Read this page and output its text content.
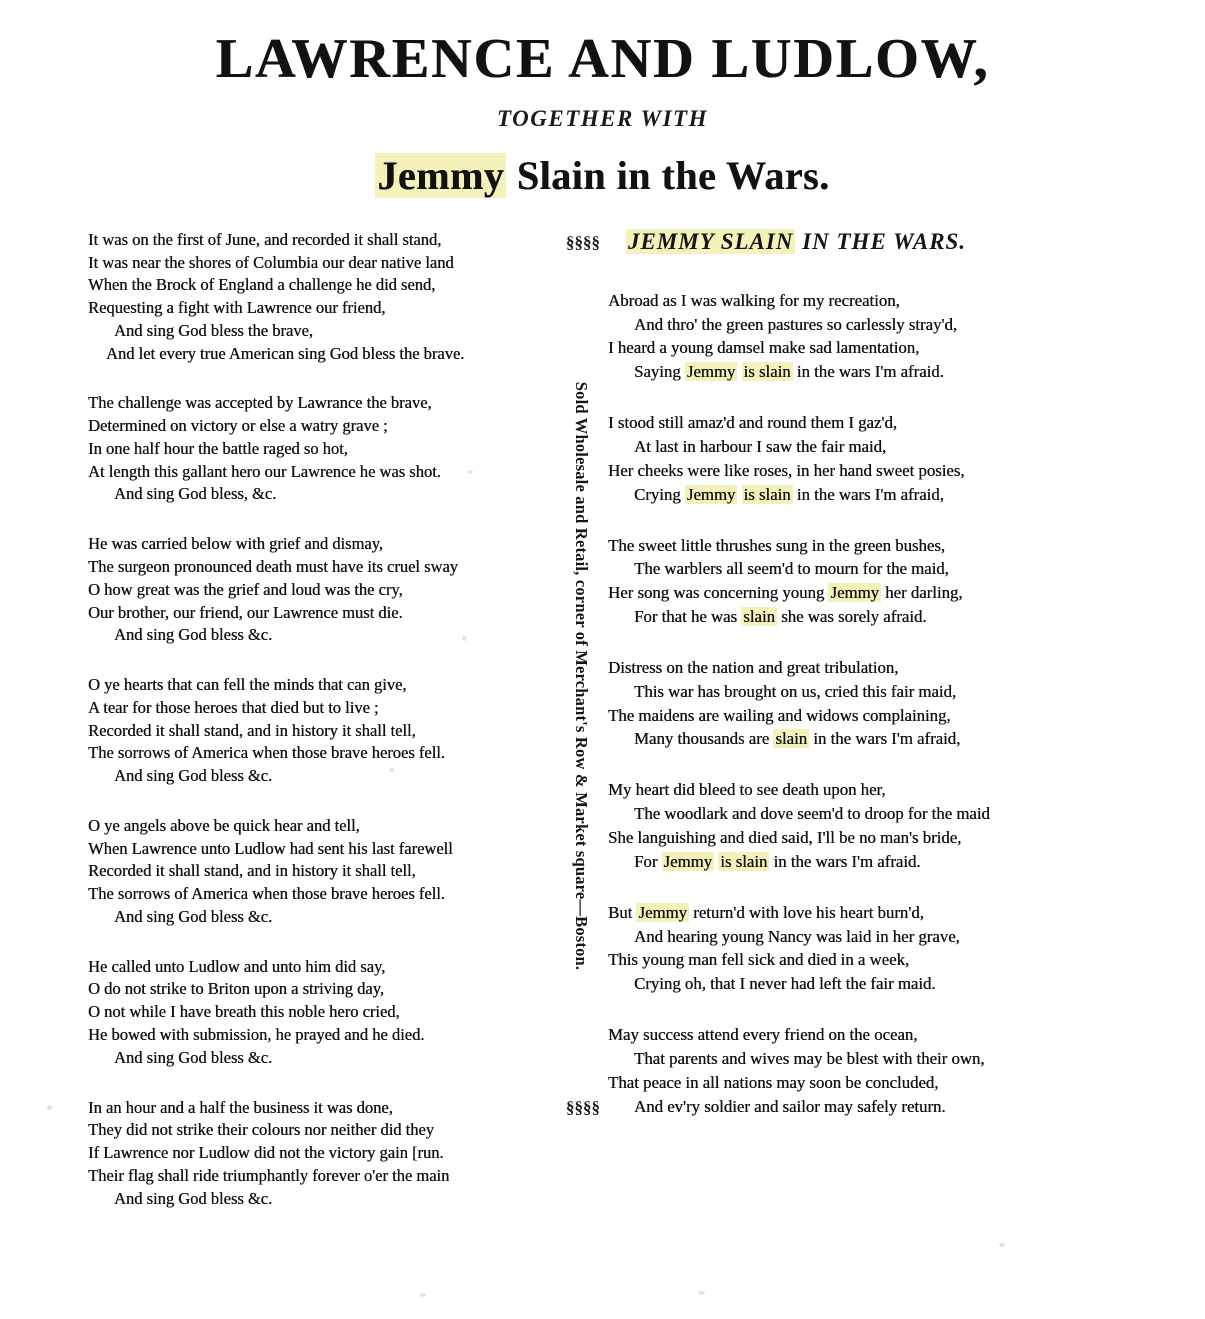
LAWRENCE AND LUDLOW,
TOGETHER WITH
Jemmy Slain in the Wars.
§§§§
Sold Wholesale and Retail, corner of Merchant's Row & Market square—Boston.
§§§§
It was on the first of June, and recorded it shall stand,
It was near the shores of Columbia our dear native land
When the Brock of England a challenge he did send,
Requesting a fight with Lawrence our friend,
And sing God bless the brave,
And let every true American sing God bless the brave.
The challenge was accepted by Lawrance the brave,
Determined on victory or else a watry grave ;
In one half hour the battle raged so hot,
At length this gallant hero our Lawrence he was shot.
And sing God bless, &c.
He was carried below with grief and dismay,
The surgeon pronounced death must have its cruel sway
O how great was the grief and loud was the cry,
Our brother, our friend, our Lawrence must die.
And sing God bless &c.
O ye hearts that can fell the minds that can give,
A tear for those heroes that died but to live ;
Recorded it shall stand, and in history it shall tell,
The sorrows of America when those brave heroes fell.
And sing God bless &c.
O ye angels above be quick hear and tell,
When Lawrence unto Ludlow had sent his last farewell
Recorded it shall stand, and in history it shall tell,
The sorrows of America when those brave heroes fell.
And sing God bless &c.
He called unto Ludlow and unto him did say,
O do not strike to Briton upon a striving day,
O not while I have breath this noble hero cried,
He bowed with submission, he prayed and he died.
And sing God bless &c.
In an hour and a half the business it was done,
They did not strike their colours nor neither did they
If Lawrence nor Ludlow did not the victory gain [run.
Their flag shall ride triumphantly forever o'er the main
And sing God bless &c.
JEMMY SLAIN IN THE WARS.
Abroad as I was walking for my recreation,
And thro' the green pastures so carlessly stray'd,
I heard a young damsel make sad lamentation,
Saying Jemmy is slain in the wars I'm afraid.
I stood still amaz'd and round them I gaz'd,
At last in harbour I saw the fair maid,
Her cheeks were like roses, in her hand sweet posies,
Crying Jemmy is slain in the wars I'm afraid,
The sweet little thrushes sung in the green bushes,
The warblers all seem'd to mourn for the maid,
Her song was concerning young Jemmy her darling,
For that he was slain she was sorely afraid.
Distress on the nation and great tribulation,
This war has brought on us, cried this fair maid,
The maidens are wailing and widows complaining,
Many thousands are slain in the wars I'm afraid,
My heart did bleed to see death upon her,
The woodlark and dove seem'd to droop for the maid
She languishing and died said, I'll be no man's bride,
For Jemmy is slain in the wars I'm afraid.
But Jemmy return'd with love his heart burn'd,
And hearing young Nancy was laid in her grave,
This young man fell sick and died in a week,
Crying oh, that I never had left the fair maid.
May success attend every friend on the ocean,
That parents and wives may be blest with their own,
That peace in all nations may soon be concluded,
And ev'ry soldier and sailor may safely return.
